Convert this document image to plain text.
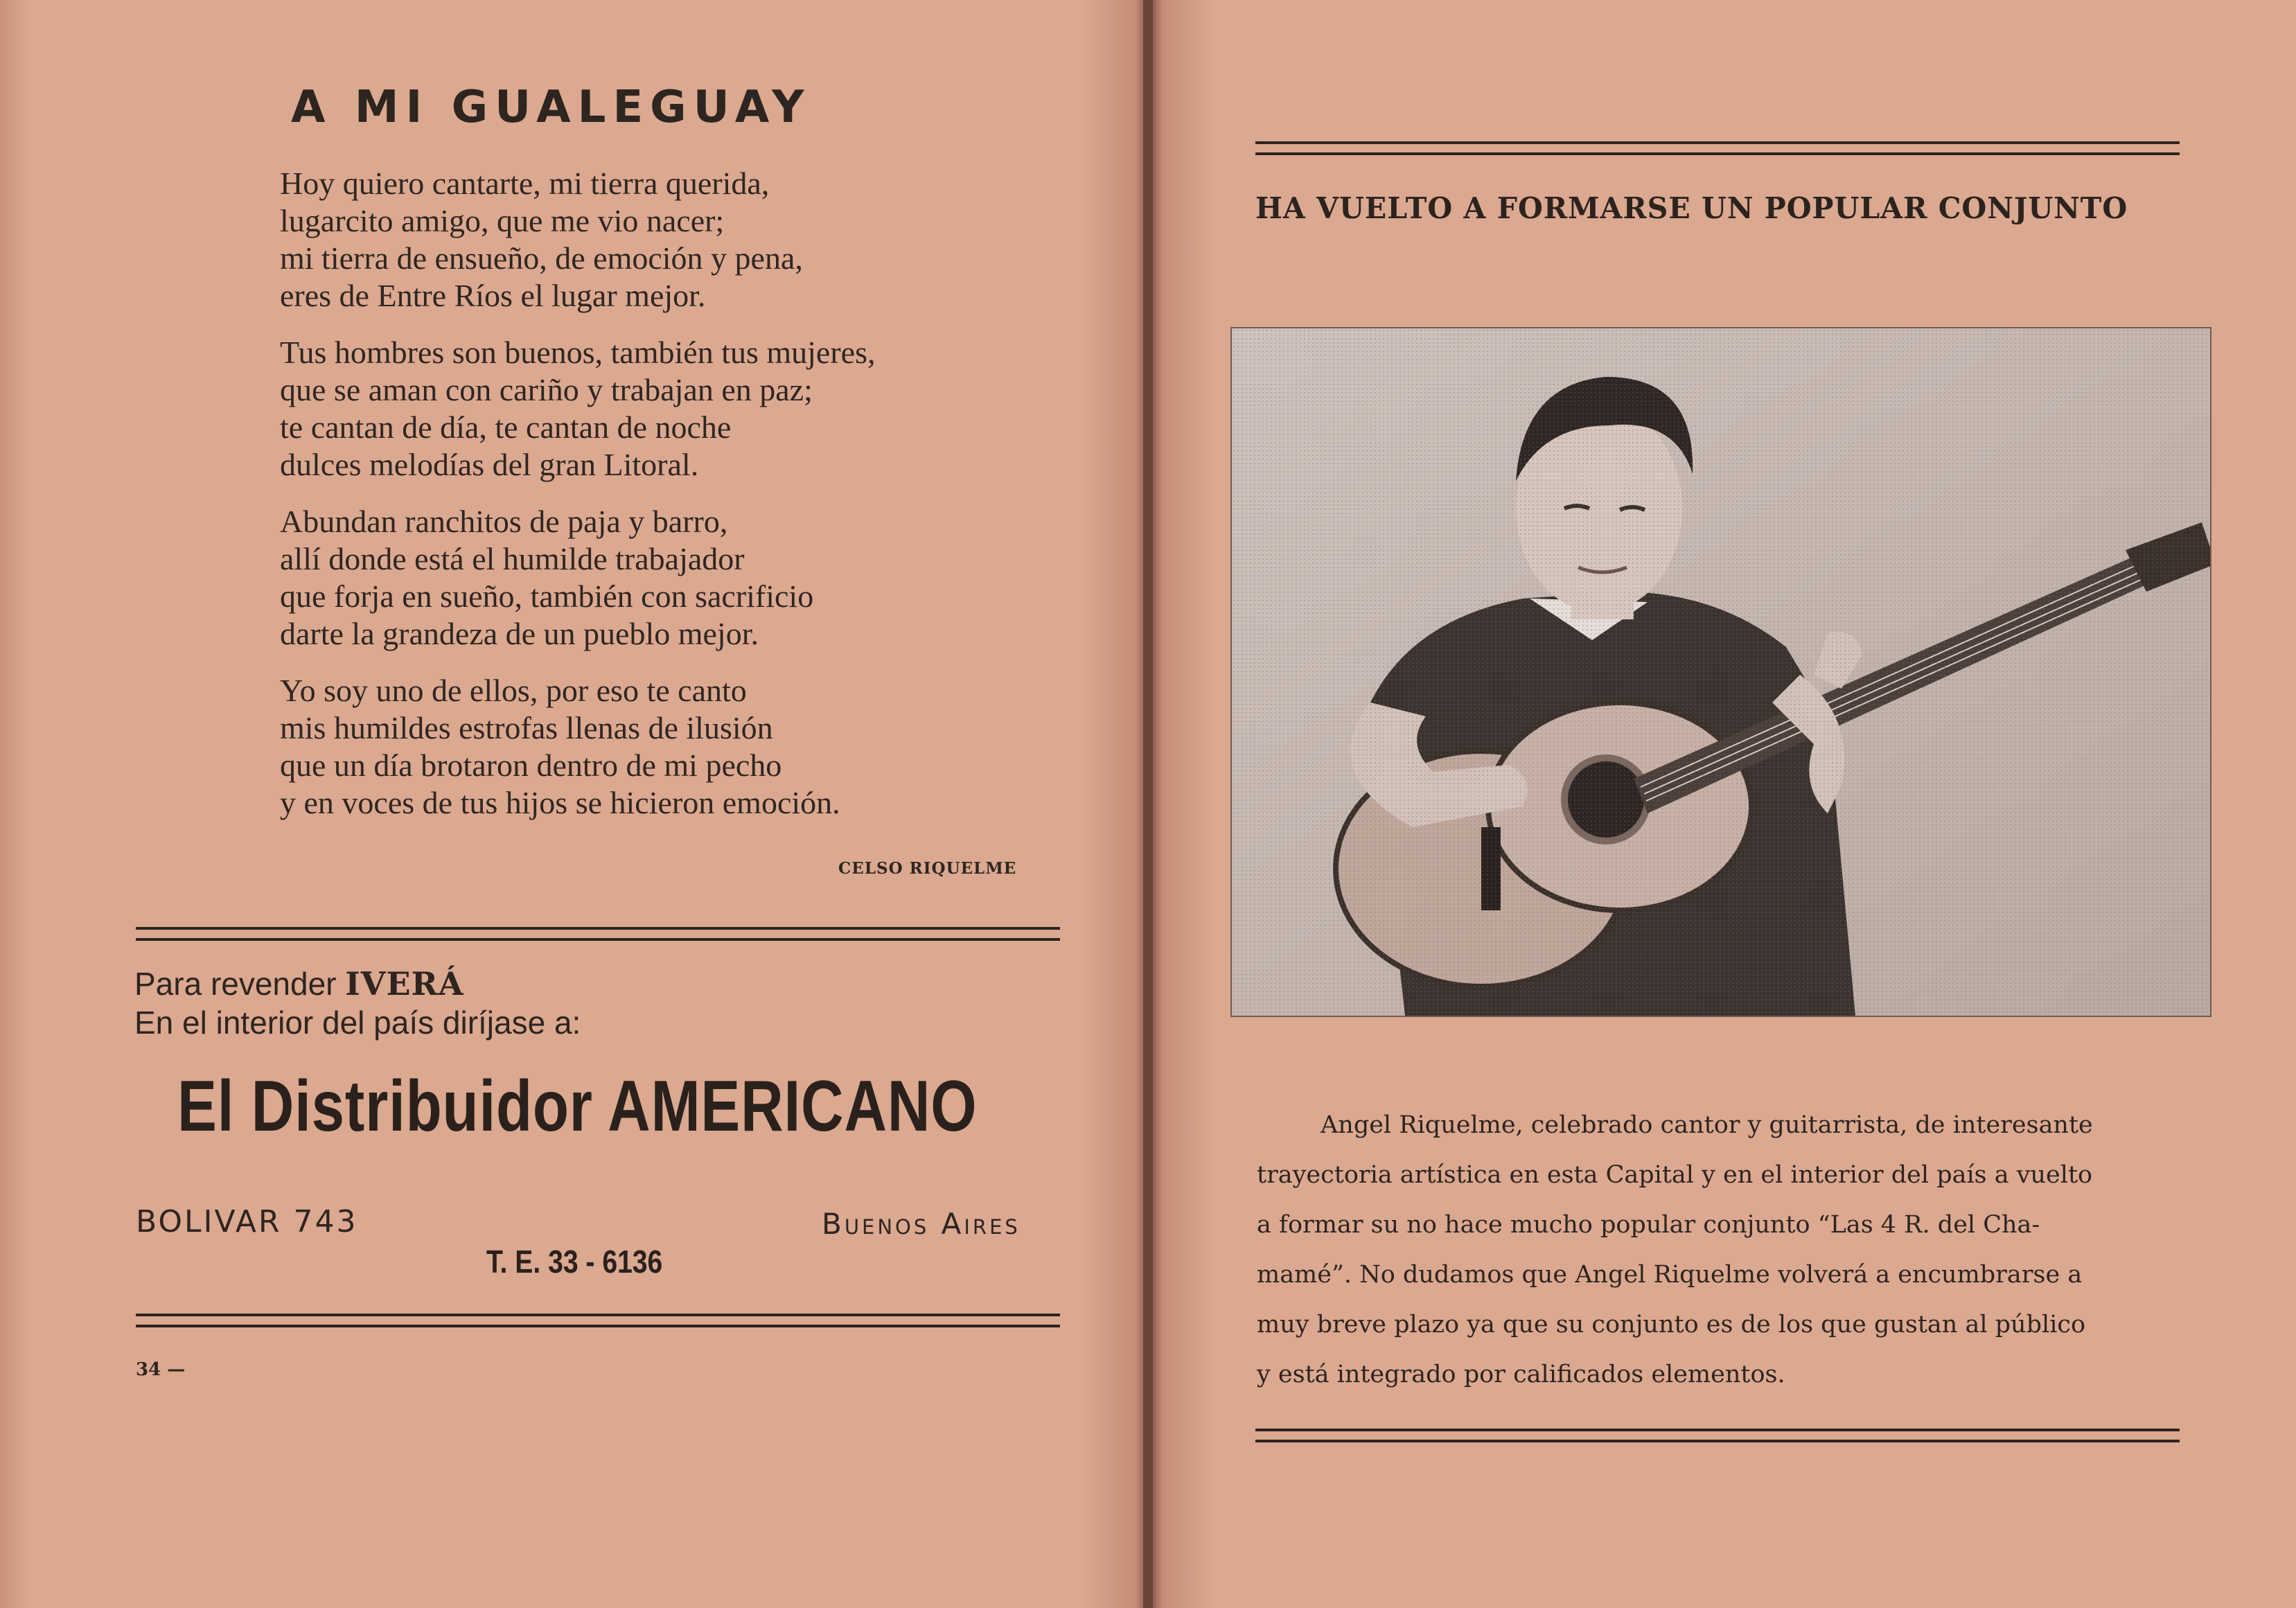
A MI GUALEGUAY
Hoy quiero cantarte, mi tierra querida,
lugarcito amigo, que me vio nacer;
mi tierra de ensueño, de emoción y pena,
eres de Entre Ríos el lugar mejor.
Tus hombres son buenos, también tus mujeres,
que se aman con cariño y trabajan en paz;
te cantan de día, te cantan de noche
dulces melodías del gran Litoral.
Abundan ranchitos de paja y barro,
allí donde está el humilde trabajador
que forja en sueño, también con sacrificio
darte la grandeza de un pueblo mejor.
Yo soy uno de ellos, por eso te canto
mis humildes estrofas llenas de ilusión
que un día brotaron dentro de mi pecho
y en voces de tus hijos se hicieron emoción.
CELSO RIQUELME
Para revender IVERÁ
En el interior del país diríjase a:
El Distribuidor AMERICANO
BOLIVAR 743	Buenos Aires
T. E. 33 - 6136
34 —
HA VUELTO A FORMARSE UN POPULAR CONJUNTO
Angel Riquelme, celebrado cantor y guitarrista, de interesante
trayectoria artística en esta Capital y en el interior del país a vuelto
a formar su no hace mucho popular conjunto “Las 4 R. del Cha-
mamé”. No dudamos que Angel Riquelme volverá a encumbrarse a
muy breve plazo ya que su conjunto es de los que gustan al público
y está integrado por calificados elementos.
